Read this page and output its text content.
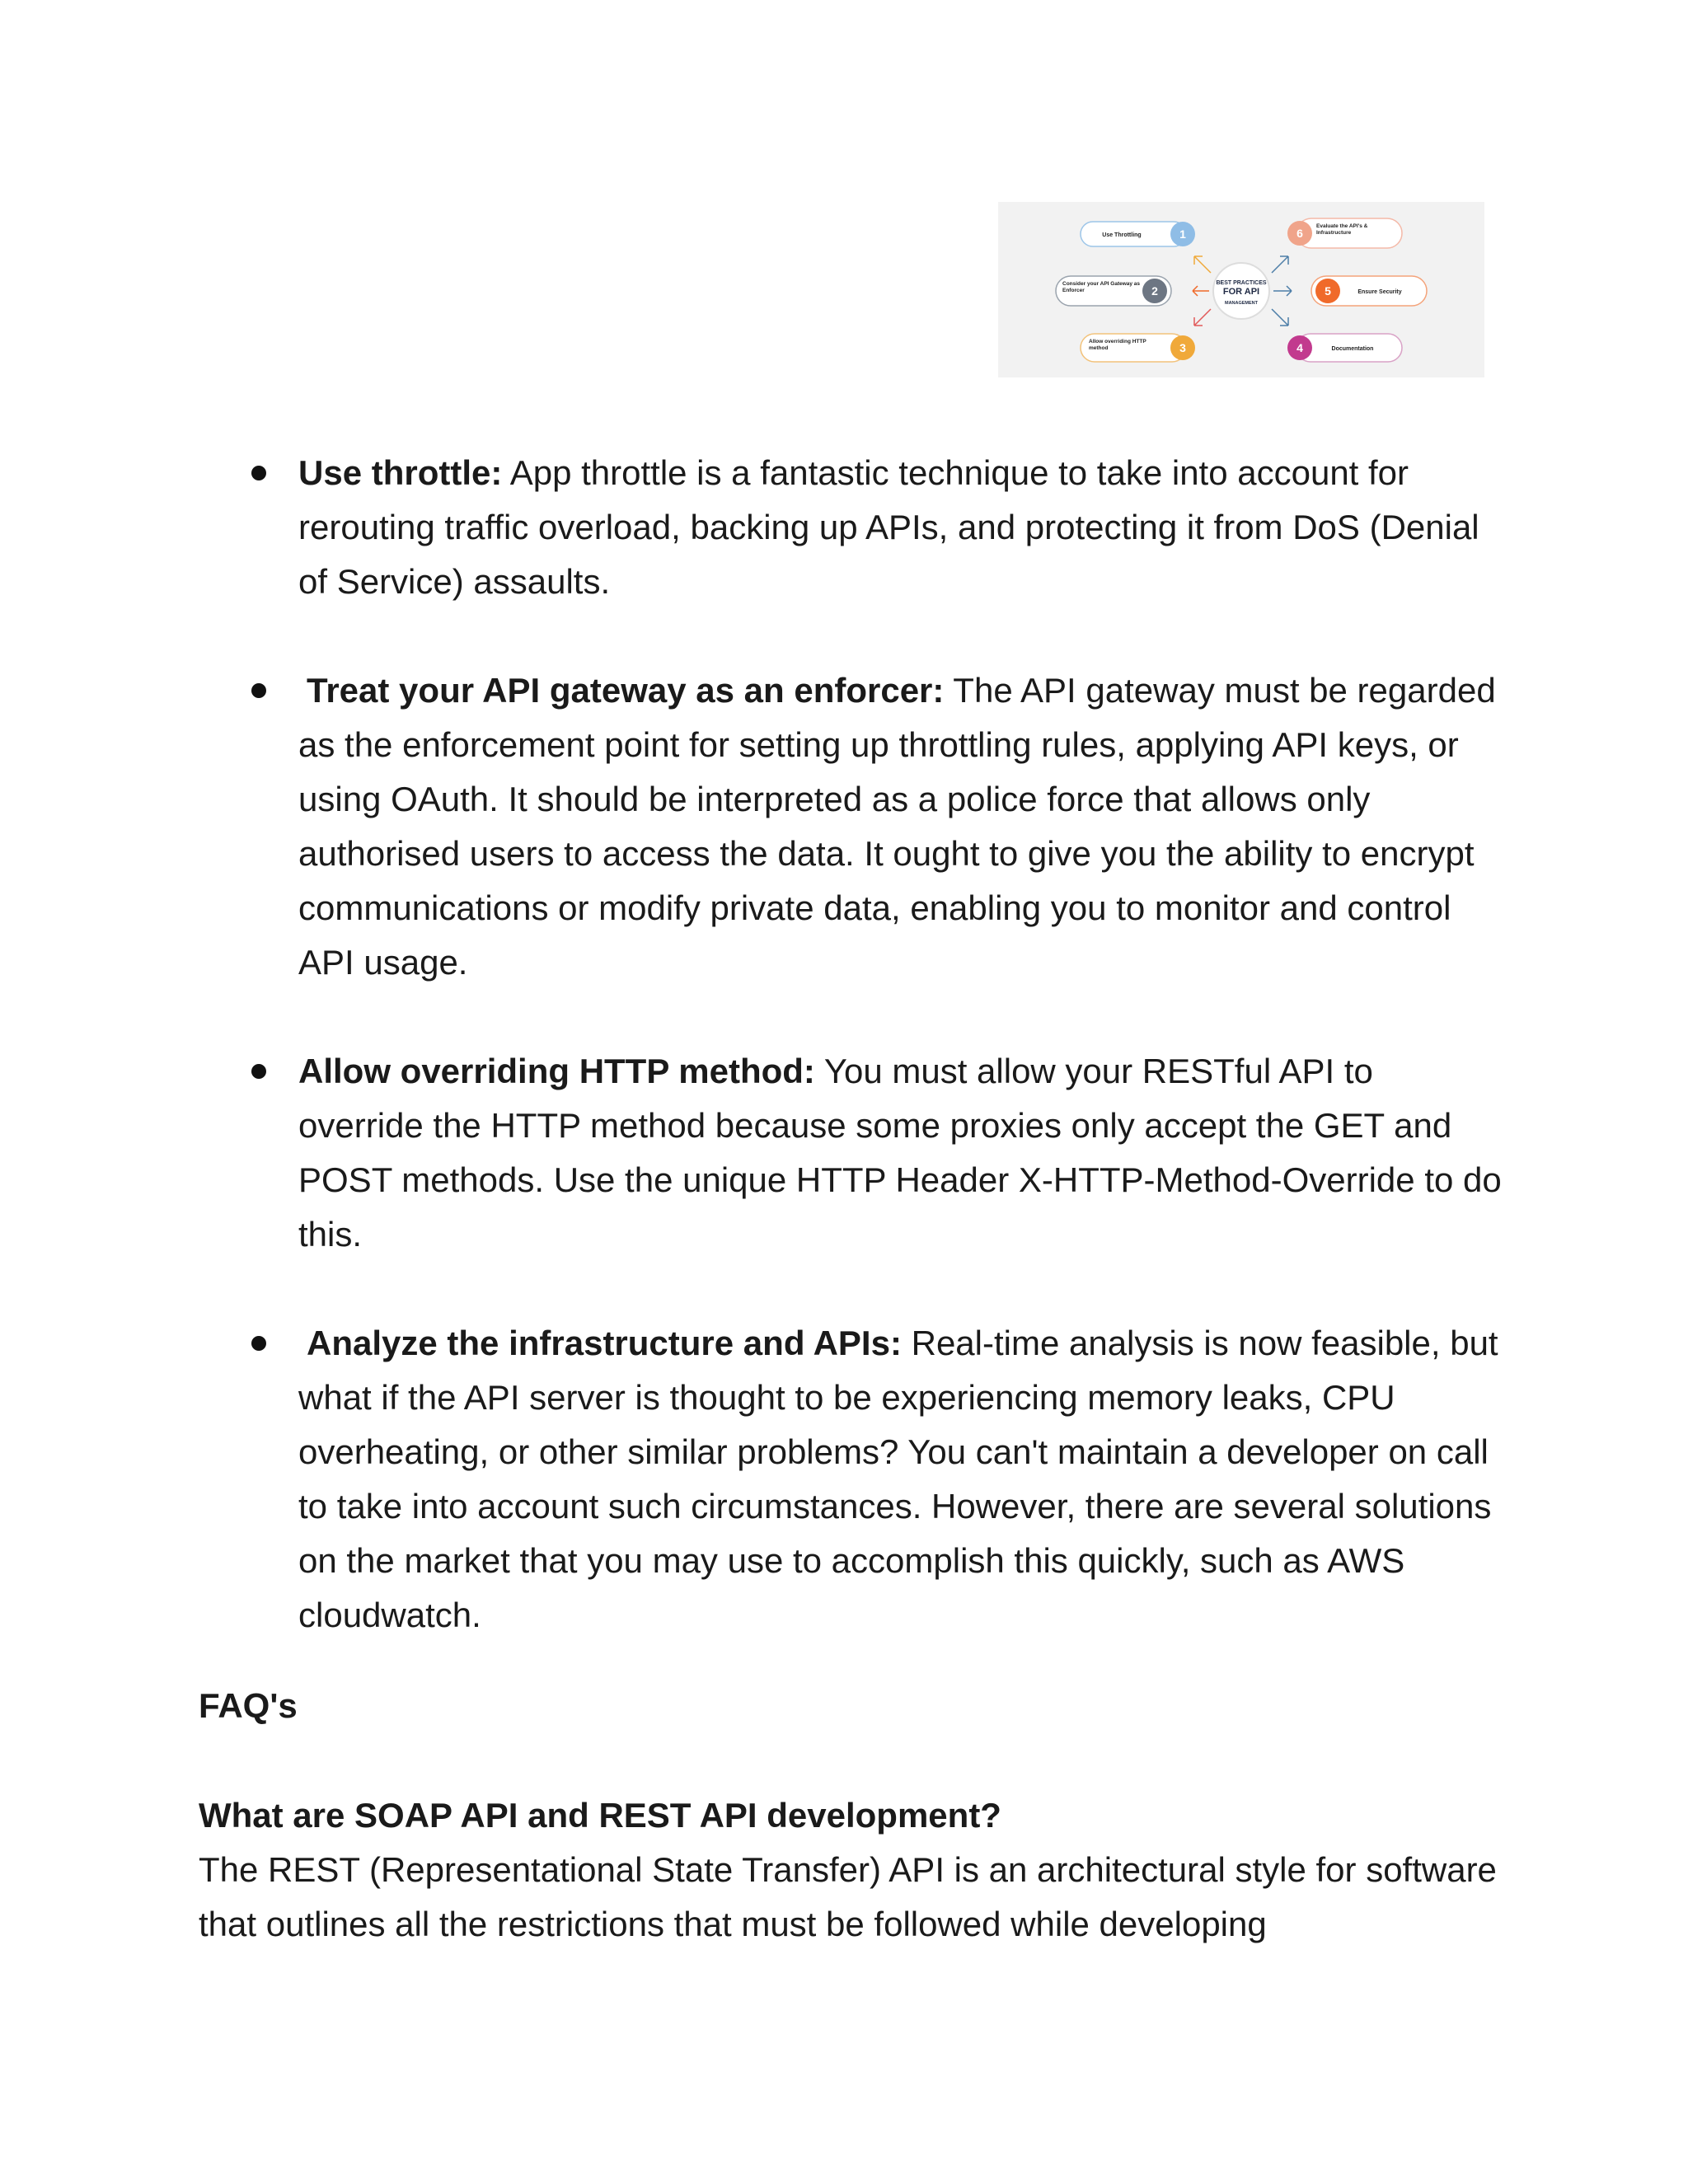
BEST PRACTICES
FOR API
MANAGEMENT
1
Use Throttling
2
Consider your API Gateway as Enforcer
3
Allow overriding HTTP method	4	Documentation
5	Ensure Security
6
Evaluate the API's & Infrastructure
Use throttle: App throttle is a fantastic technique to take into account for rerouting traffic overload, backing up APIs, and protecting it from DoS (Denial of Service) assaults.
Treat your API gateway as an enforcer: The API gateway must be regarded as the enforcement point for setting up throttling rules, applying API keys, or using OAuth. It should be interpreted as a police force that allows only authorised users to access the data. It ought to give you the ability to encrypt communications or modify private data, enabling you to monitor and control API usage.
Allow overriding HTTP method: You must allow your RESTful API to override the HTTP method because some proxies only accept the GET and POST methods. Use the unique HTTP Header X-HTTP-Method-Override to do this.
Analyze the infrastructure and APIs: Real-time analysis is now feasible, but what if the API server is thought to be experiencing memory leaks, CPU overheating, or other similar problems? You can't maintain a developer on call to take into account such circumstances. However, there are several solutions on the market that you may use to accomplish this quickly, such as AWS cloudwatch.
FAQ's
What are SOAP API and REST API development?
The REST (Representational State Transfer) API is an architectural style for software that outlines all the restrictions that must be followed while developing
